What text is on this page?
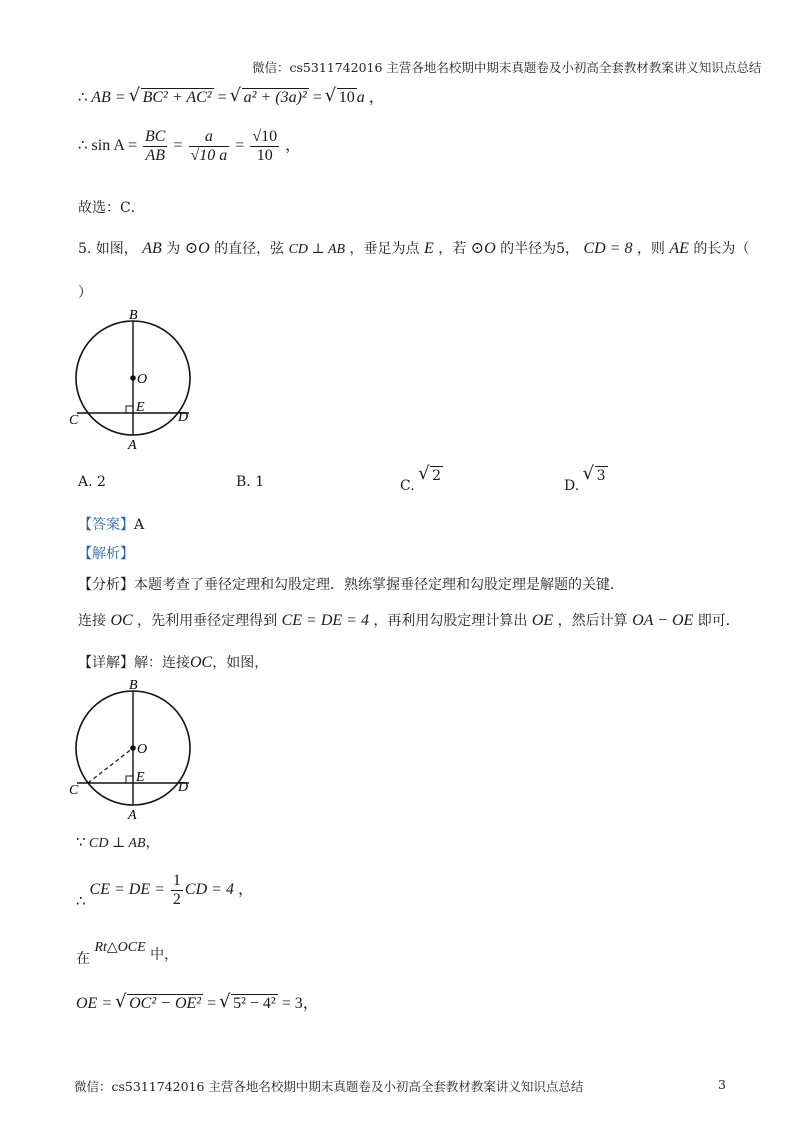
微信：cs5311742016 主营各地名校期中期末真题卷及小初高全套教材教案讲义知识点总结
∴ AB = √ BC² + AC² = √ a² + (3a)² = √ 10 a ，
∴ $\sin A = \frac{BC}{AB} = \frac{a}{√10 a} = \frac{√10}{10}$ ，
故选：C．
5. 如图， AB 为 ⊙O 的直径，弦 CD ⊥ AB ，垂足为点 E ，若 ⊙O 的半径为5， CD = 8 ，则 AE 的长为（
）
B
O
E
C	D
A
A. 2	B. 1	C. √ 2
D. √ 3
【答案】A
【解析】
【分析】本题考查了垂径定理和勾股定理．熟练掌握垂径定理和勾股定理是解题的关键．
连接 OC ，先利用垂径定理得到 CE = DE = 4 ，再利用勾股定理计算出 OE ，然后计算 OA − OE 即可．
【详解】解：连接OC，如图，
B
O
E
C	D
A
∵ CD ⊥ AB，
∴ CE = DE = $\frac{1}{2}$ CD = 4 ，
在 Rt△OCE 中，
OE = √ OC² − OE² = √ 5² − 4² = 3，
微信：cs5311742016 主营各地名校期中期末真题卷及小初高全套教材教案讲义知识点总结	3
